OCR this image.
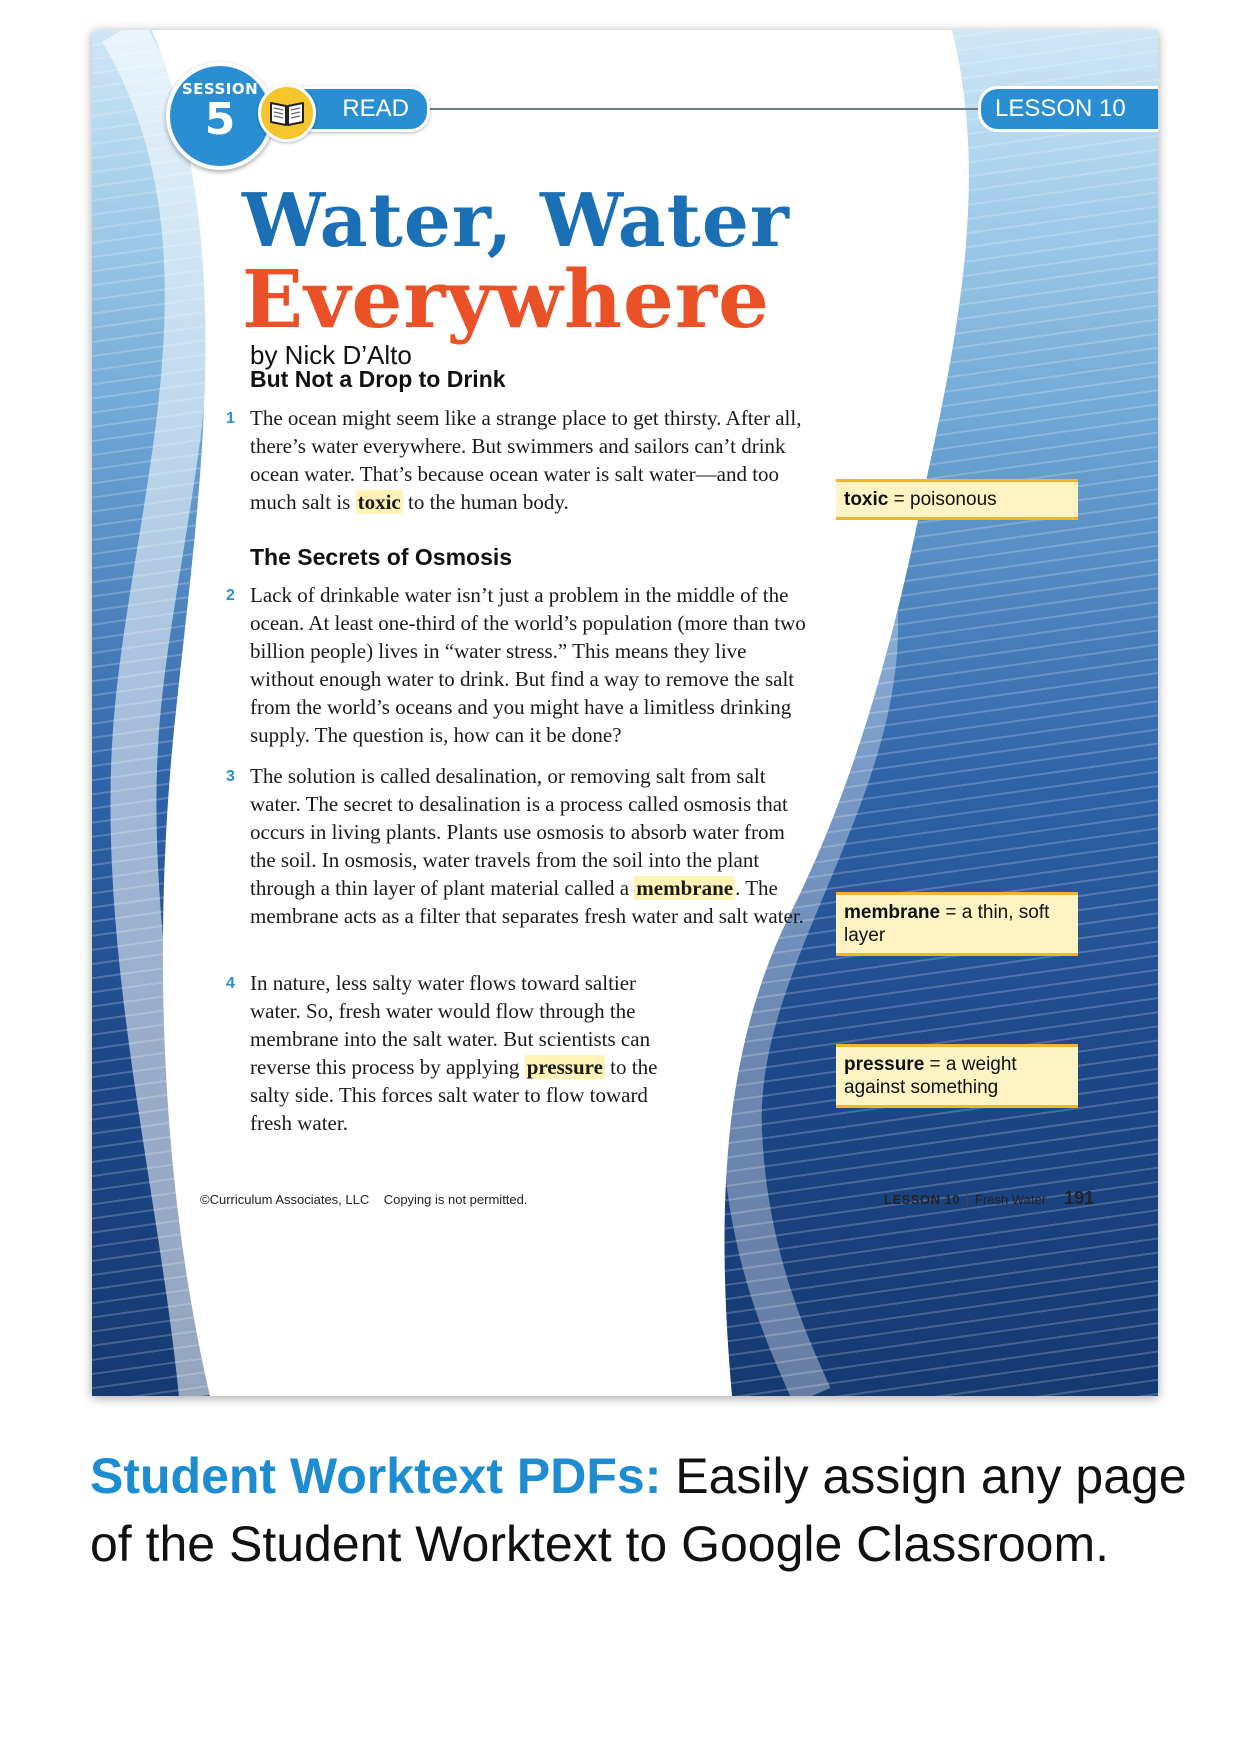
SESSION
5	READ	LESSON 10
Water, Water
Everywhere
by Nick D’Alto
But Not a Drop to Drink
1 The ocean might seem like a strange place to get thirsty. After all, there’s water everywhere. But swimmers and sailors can’t drink ocean water. That’s because ocean water is salt water—and too much salt is toxic to the human body.
The Secrets of Osmosis
2 Lack of drinkable water isn’t just a problem in the middle of the ocean. At least one-third of the world’s population (more than two billion people) lives in “water stress.” This means they live without enough water to drink. But find a way to remove the salt from the world’s oceans and you might have a limitless drinking supply. The question is, how can it be done?
3 The solution is called desalination, or removing salt from salt water. The secret to desalination is a process called osmosis that occurs in living plants. Plants use osmosis to absorb water from the soil. In osmosis, water travels from the soil into the plant through a thin layer of plant material called a membrane. The membrane acts as a filter that separates fresh water and salt water.
4 In nature, less salty water flows toward saltier water. So, fresh water would flow through the membrane into the salt water. But scientists can reverse this process by applying pressure to the salty side. This forces salt water to flow toward fresh water.
toxic = poisonous
membrane = a thin, soft layer
pressure = a weight against something
©Curriculum Associates, LLC    Copying is not permitted.	LESSON 10 Fresh Water 191
Student Worktext PDFs: Easily assign any page of the Student Worktext to Google Classroom.
